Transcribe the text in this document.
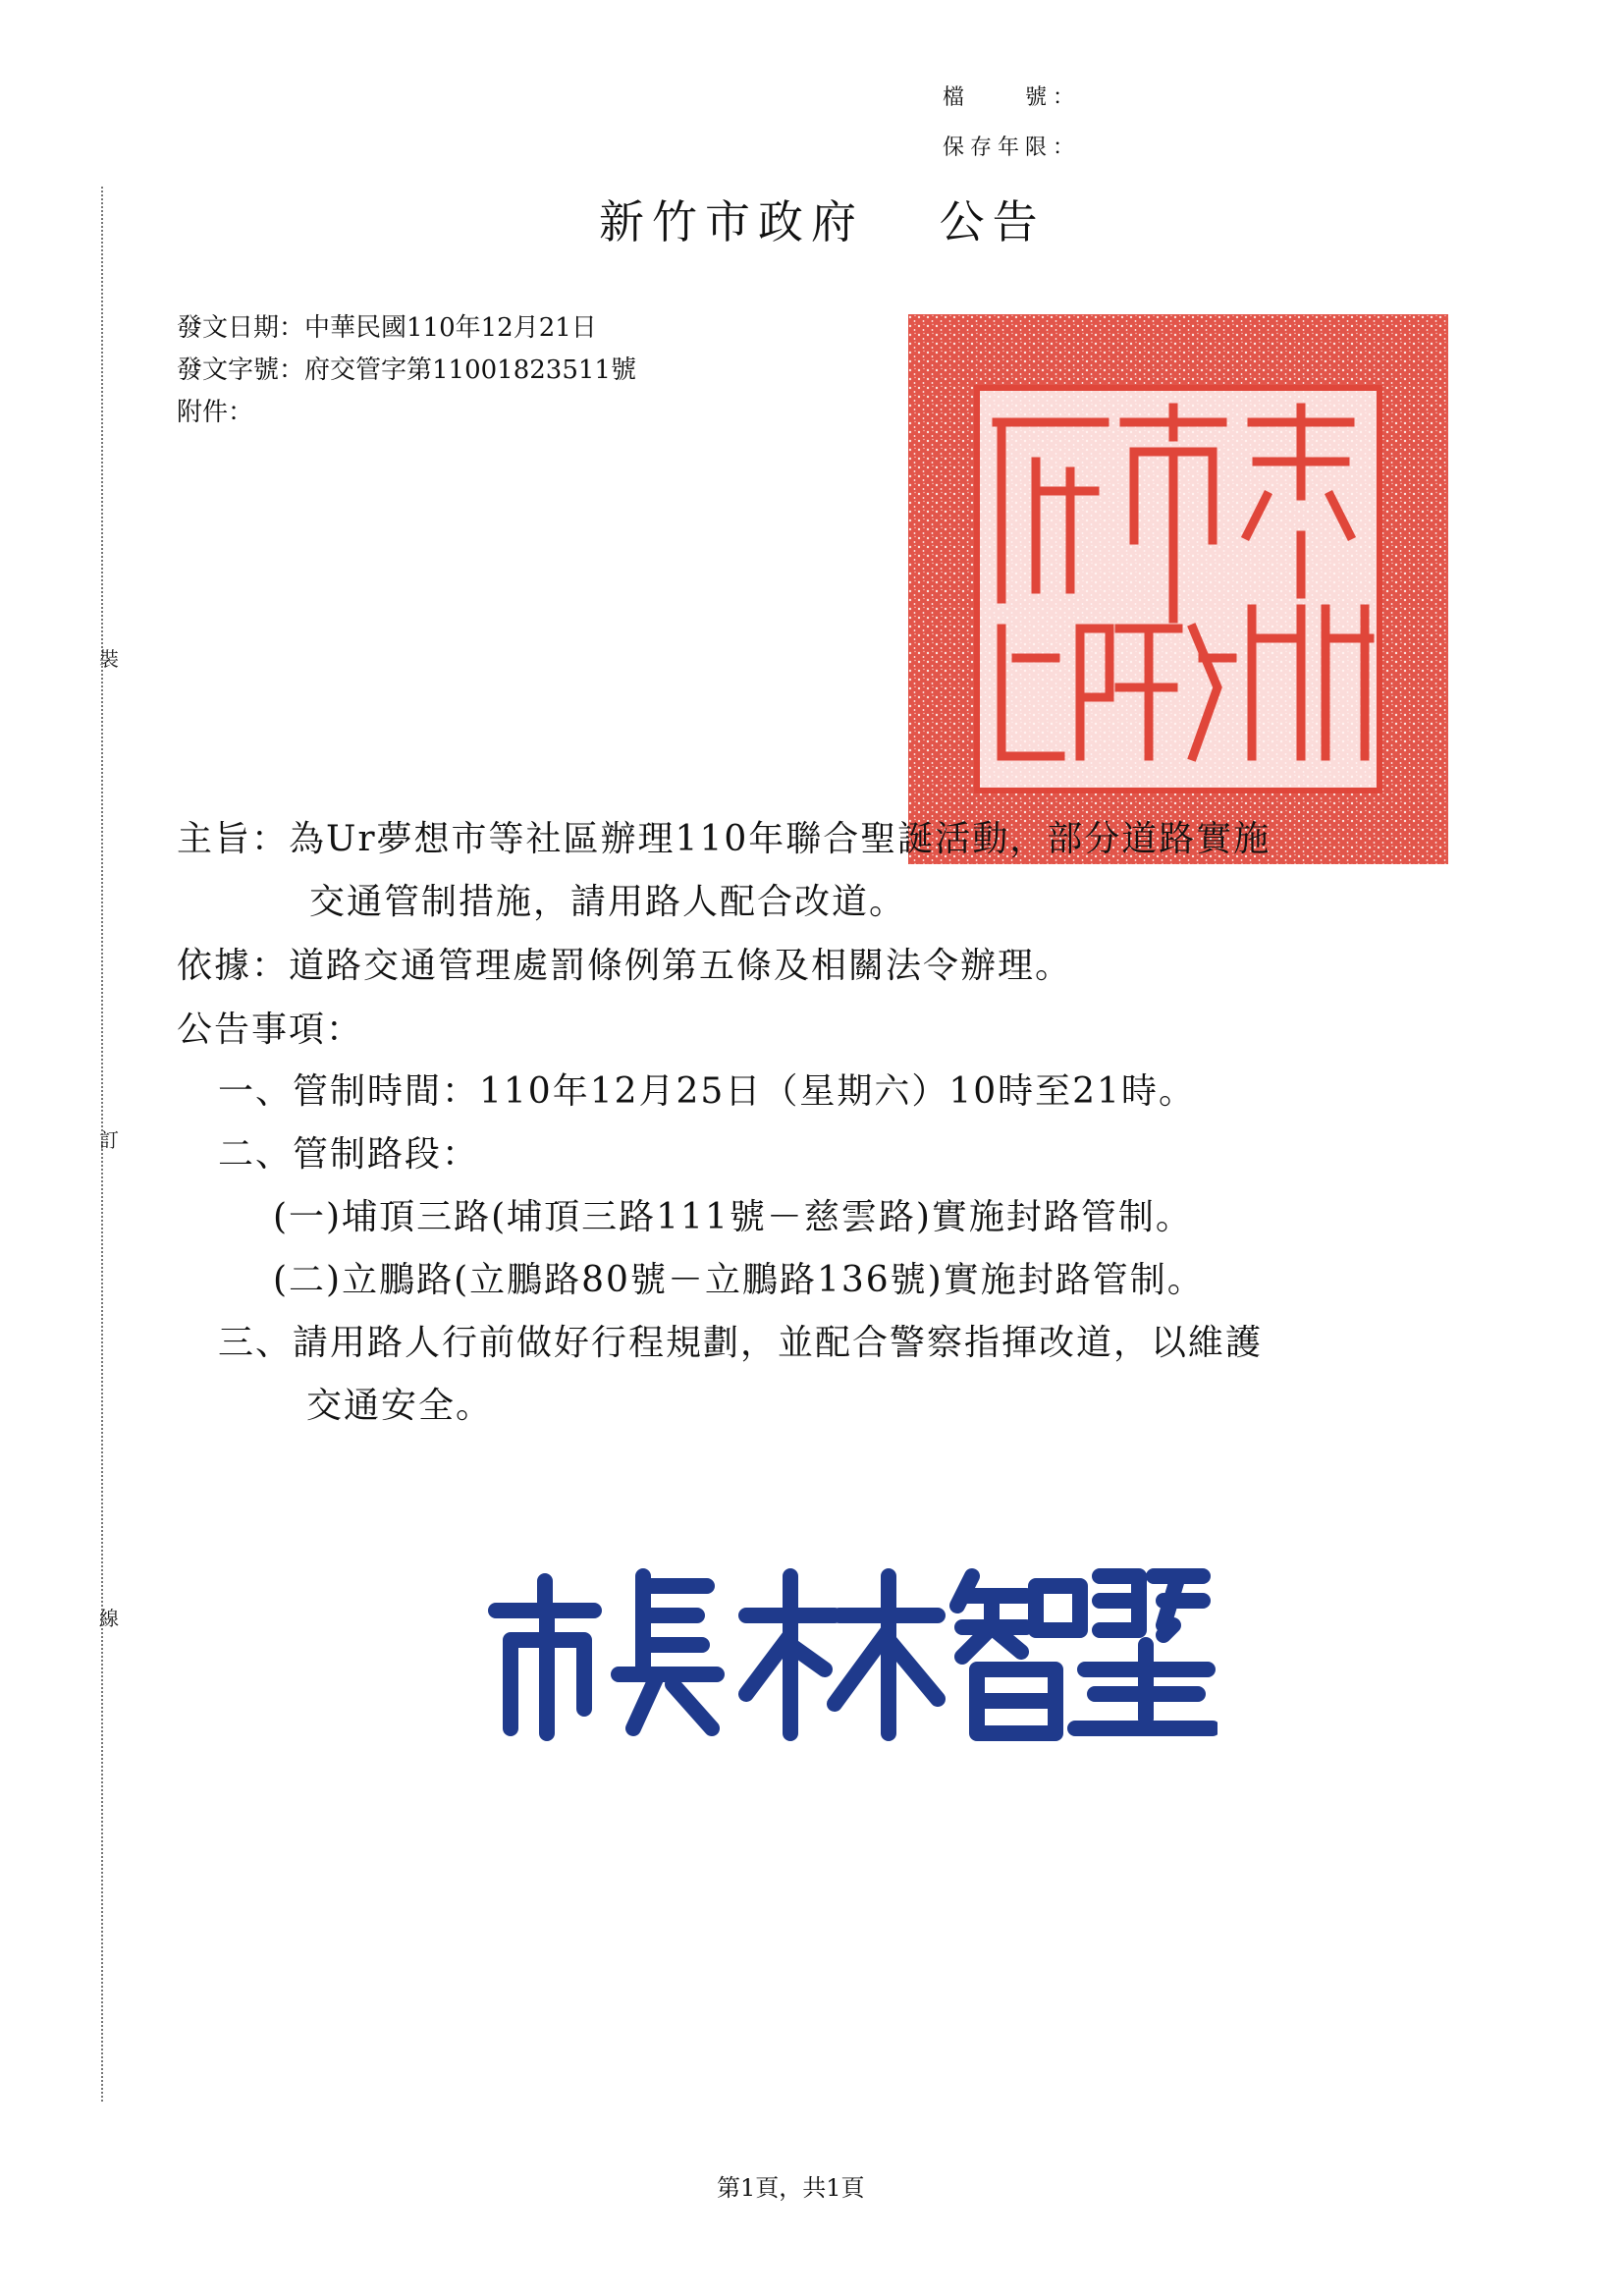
裝
訂
線
檔　　號：
保存年限：
新竹市政府　 公告
發文日期：中華民國110年12月21日
發文字號：府交管字第11001823511號
附件：
主旨：為Ur夢想市等社區辦理110年聯合聖誕活動，部分道路實施
交通管制措施，請用路人配合改道。
依據：道路交通管理處罰條例第五條及相關法令辦理。
公告事項：
一、管制時間：110年12月25日（星期六）10時至21時。
二、管制路段：
(一)埔頂三路(埔頂三路111號－慈雲路)實施封路管制。
(二)立鵬路(立鵬路80號－立鵬路136號)實施封路管制。
三、請用路人行前做好行程規劃，並配合警察指揮改道，以維護
交通安全。
第1頁，共1頁
